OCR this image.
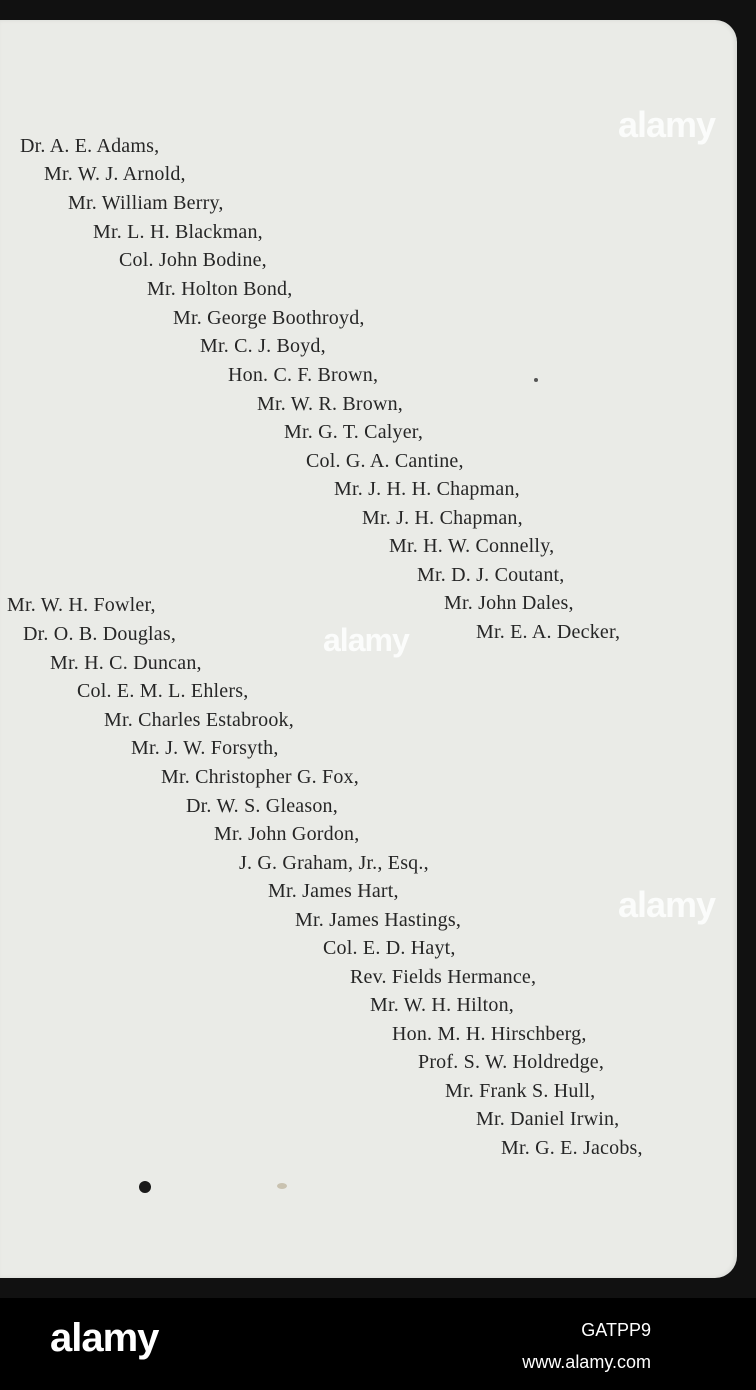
Dr. A. E. Adams,
Mr. W. J. Arnold,
Mr. William Berry,
Mr. L. H. Blackman,
Col. John Bodine,
Mr. Holton Bond,
Mr. George Boothroyd,
Mr. C. J. Boyd,
Hon. C. F. Brown,
Mr. W. R. Brown,
Mr. G. T. Calyer,
Col. G. A. Cantine,
Mr. J. H. H. Chapman,
Mr. J. H. Chapman,
Mr. H. W. Connelly,
Mr. D. J. Coutant,
Mr. John Dales,
Mr. E. A. Decker,
Mr. W. H. Fowler,
Dr. O. B. Douglas,
Mr. H. C. Duncan,
Col. E. M. L. Ehlers,
Mr. Charles Estabrook,
Mr. J. W. Forsyth,
Mr. Christopher G. Fox,
Dr. W. S. Gleason,
Mr. John Gordon,
J. G. Graham, Jr., Esq.,
Mr. James Hart,
Mr. James Hastings,
Col. E. D. Hayt,
Rev. Fields Hermance,
Mr. W. H. Hilton,
Hon. M. H. Hirschberg,
Prof. S. W. Holdredge,
Mr. Frank S. Hull,
Mr. Daniel Irwin,
Mr. G. E. Jacobs,
alamy
alamy
alamy
alamy	GATPP9
www.alamy.com
